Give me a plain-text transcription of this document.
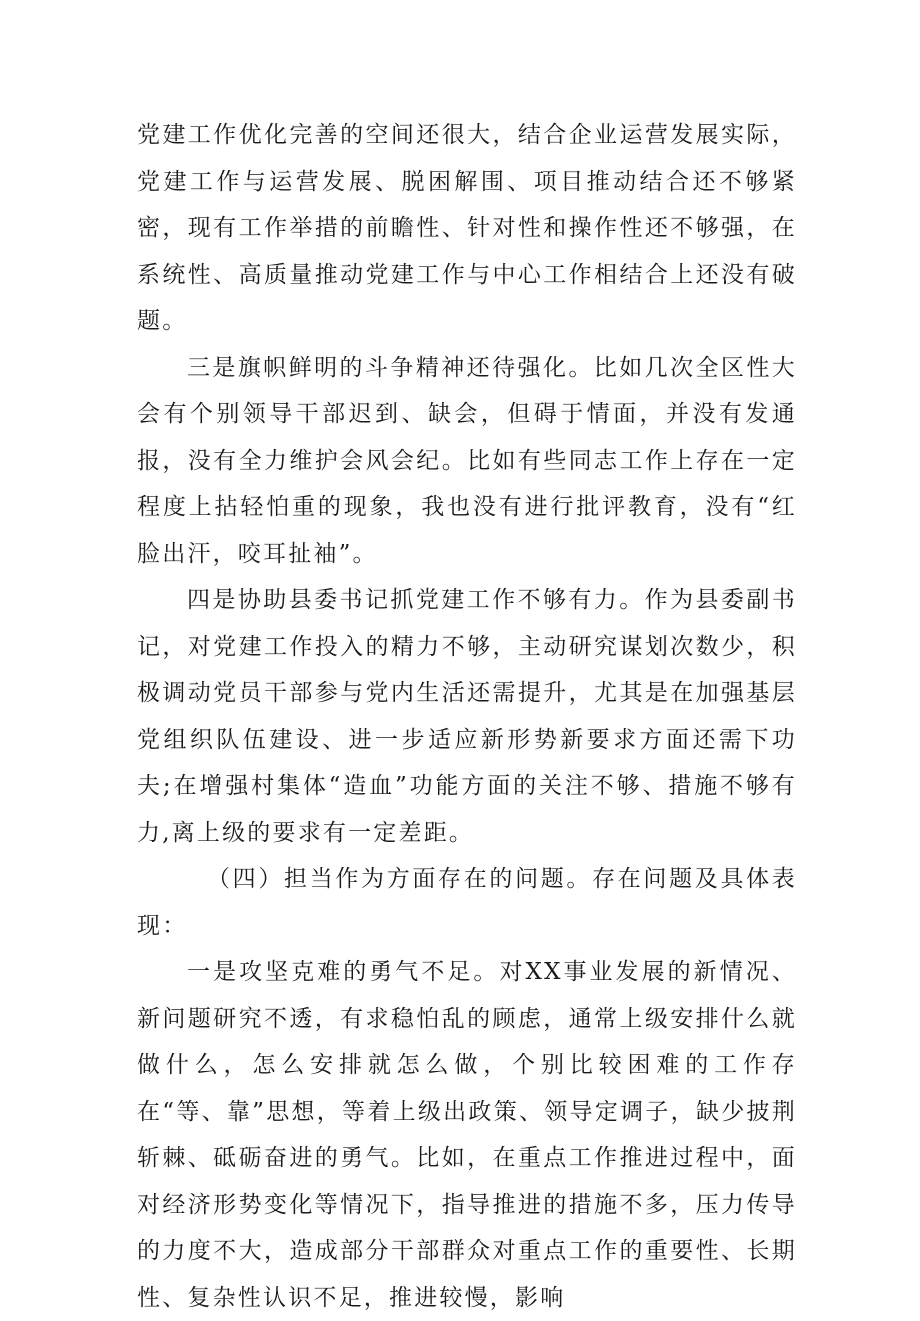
党建工作优化完善的空间还很大，结合企业运营发展实际，党建工作与运营发展、脱困解围、项目推动结合还不够紧密，现有工作举措的前瞻性、针对性和操作性还不够强，在系统性、高质量推动党建工作与中心工作相结合上还没有破题。

三是旗帜鲜明的斗争精神还待强化。比如几次全区性大会有个别领导干部迟到、缺会，但碍于情面，并没有发通报，没有全力维护会风会纪。比如有些同志工作上存在一定程度上拈轻怕重的现象，我也没有进行批评教育，没有“红脸出汗，咬耳扯袖”。

四是协助县委书记抓党建工作不够有力。作为县委副书记，对党建工作投入的精力不够，主动研究谋划次数少，积极调动党员干部参与党内生活还需提升，尤其是在加强基层党组织队伍建设、进一步适应新形势新要求方面还需下功夫;在增强村集体“造血”功能方面的关注不够、措施不够有力,离上级的要求有一定差距。

（四）担当作为方面存在的问题。存在问题及具体表现：

一是攻坚克难的勇气不足。对XX事业发展的新情况、新问题研究不透，有求稳怕乱的顾虑，通常上级安排什么就做什么，怎么安排就怎么做，个别比较困难的工作存在“等、靠”思想，等着上级出政策、领导定调子，缺少披荆斩棘、砥砺奋进的勇气。比如，在重点工作推进过程中，面对经济形势变化等情况下，指导推进的措施不多，压力传导的力度不大，造成部分干部群众对重点工作的重要性、长期性、复杂性认识不足，推进较慢，影响
